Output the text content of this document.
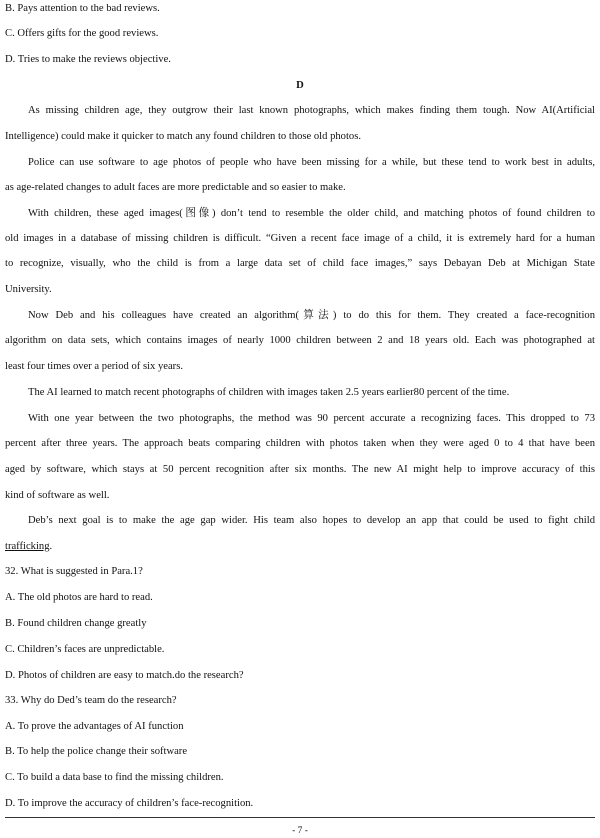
B. Pays attention to the bad reviews.
C. Offers gifts for the good reviews.
D. Tries to make the reviews objective.
D
As missing children age, they outgrow their last known photographs, which makes finding them tough. Now AI(Artificial
Intelligence) could make it quicker to match any found children to those old photos.
Police can use software to age photos of people who have been missing for a while, but these tend to work best in adults,
as age-related changes to adult faces are more predictable and so easier to make.
With children, these aged images(图像) don’t tend to resemble the older child, and matching photos of found children to
old images in a database of missing children is difficult. “Given a recent face image of a child, it is extremely hard for a human
to recognize, visually, who the child is from a large data set of child face images,” says Debayan Deb at Michigan State
University.
Now Deb and his colleagues have created an algorithm(算法) to do this for them. They created a face-recognition
algorithm on data sets, which contains images of nearly 1000 children between 2 and 18 years old. Each was photographed at
least four times over a period of six years.
The AI learned to match recent photographs of children with images taken 2.5 years earlier80 percent of the time.
With one year between the two photographs, the method was 90 percent accurate a recognizing faces. This dropped to 73
percent after three years. The approach beats comparing children with photos taken when they were aged 0 to 4 that have been
aged by software, which stays at 50 percent recognition after six months. The new AI might help to improve accuracy of this
kind of software as well.
Deb’s next goal is to make the age gap wider. His team also hopes to develop an app that could be used to fight child
trafficking.
32. What is suggested in Para.1?
A. The old photos are hard to read.
B. Found children change greatly
C. Children’s faces are unpredictable.
D. Photos of children are easy to match.do the research?
33. Why do Ded’s team do the research?
A. To prove the advantages of AI function
B. To help the police change their software
C. To build a data base to find the missing children.
D. To improve the accuracy of children’s face-recognition.
- 7 -
